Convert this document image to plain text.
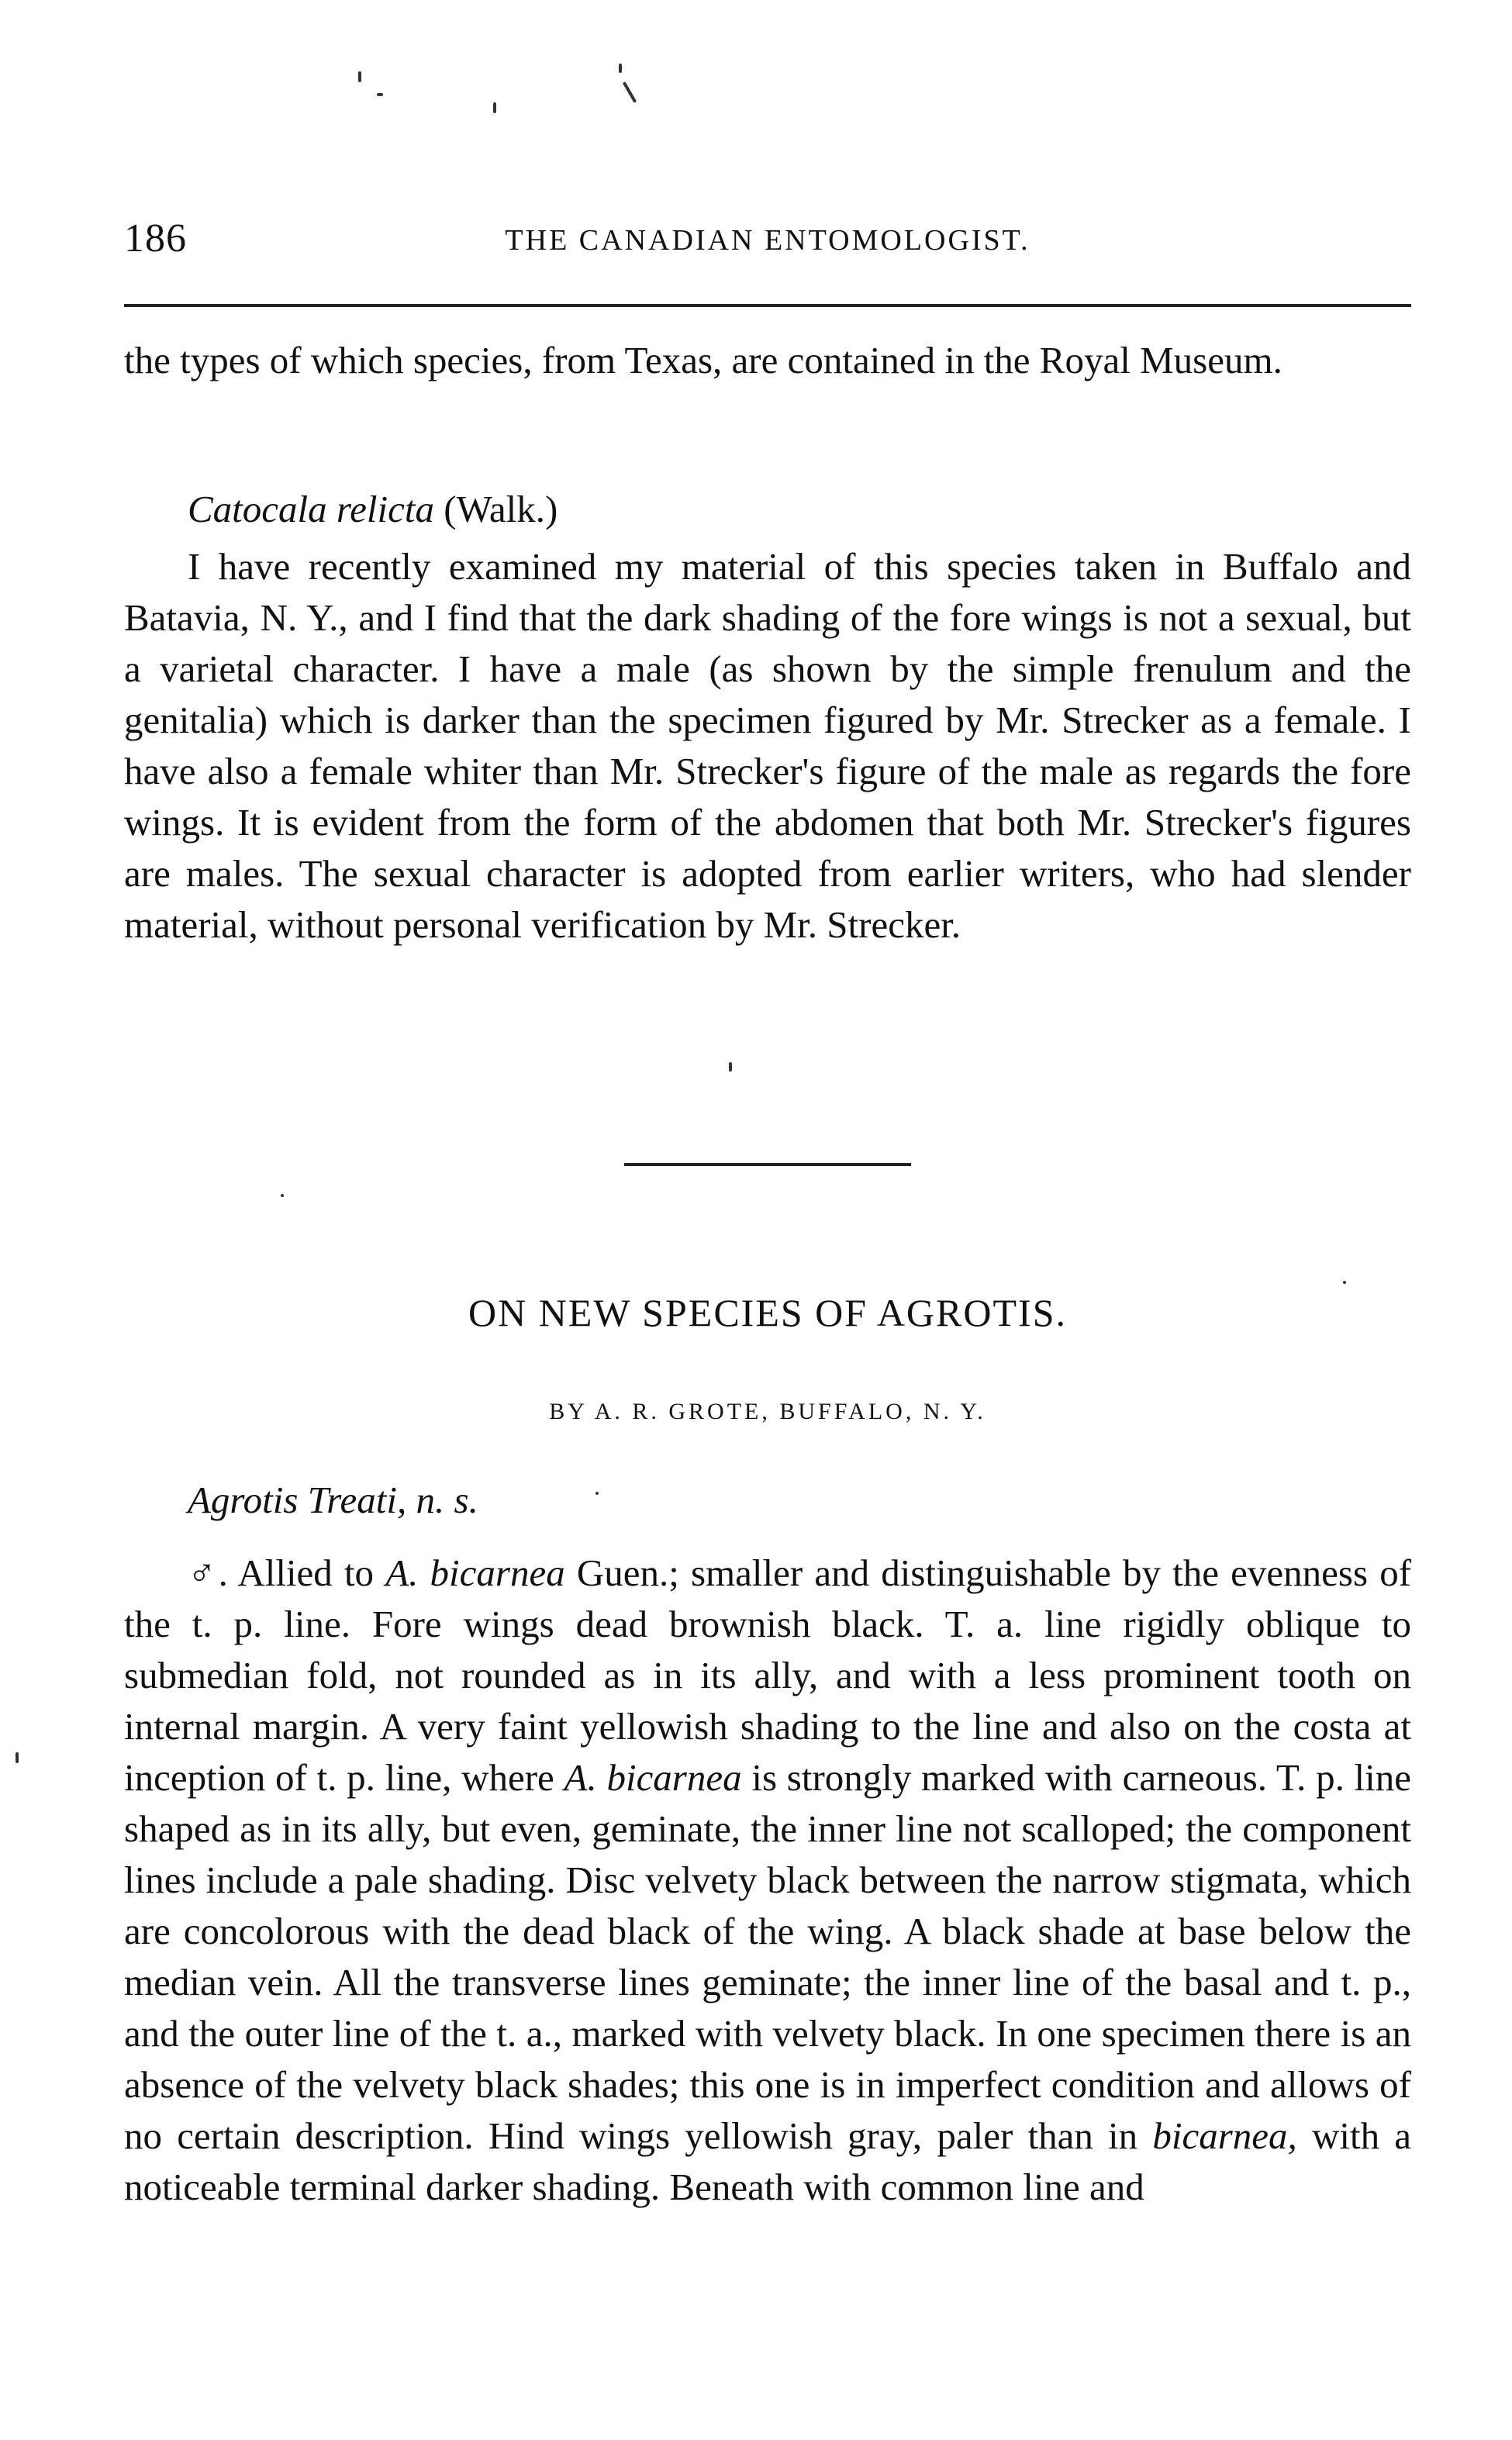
186	THE CANADIAN ENTOMOLOGIST.
the types of which species, from Texas, are contained in the Royal Museum.
Catocala relicta (Walk.)
I have recently examined my material of this species taken in Buffalo and Batavia, N. Y., and I find that the dark shading of the fore wings is not a sexual, but a varietal character. I have a male (as shown by the simple frenulum and the genitalia) which is darker than the specimen figured by Mr. Strecker as a female. I have also a female whiter than Mr. Strecker's figure of the male as regards the fore wings. It is evident from the form of the abdomen that both Mr. Strecker's figures are males. The sexual character is adopted from earlier writers, who had slender material, without personal verification by Mr. Strecker.
ON NEW SPECIES OF AGROTIS.
BY A. R. GROTE, BUFFALO, N. Y.
Agrotis Treati, n. s.
♂. Allied to A. bicarnea Guen.; smaller and distinguishable by the evenness of the t. p. line. Fore wings dead brownish black. T. a. line rigidly oblique to submedian fold, not rounded as in its ally, and with a less prominent tooth on internal margin. A very faint yellowish shading to the line and also on the costa at inception of t. p. line, where A. bicarnea is strongly marked with carneous. T. p. line shaped as in its ally, but even, geminate, the inner line not scalloped; the component lines include a pale shading. Disc velvety black between the narrow stigmata, which are concolorous with the dead black of the wing. A black shade at base below the median vein. All the transverse lines geminate; the inner line of the basal and t. p., and the outer line of the t. a., marked with velvety black. In one specimen there is an absence of the velvety black shades; this one is in imperfect condition and allows of no certain description. Hind wings yellowish gray, paler than in bicarnea, with a noticeable terminal darker shading. Beneath with common line and
